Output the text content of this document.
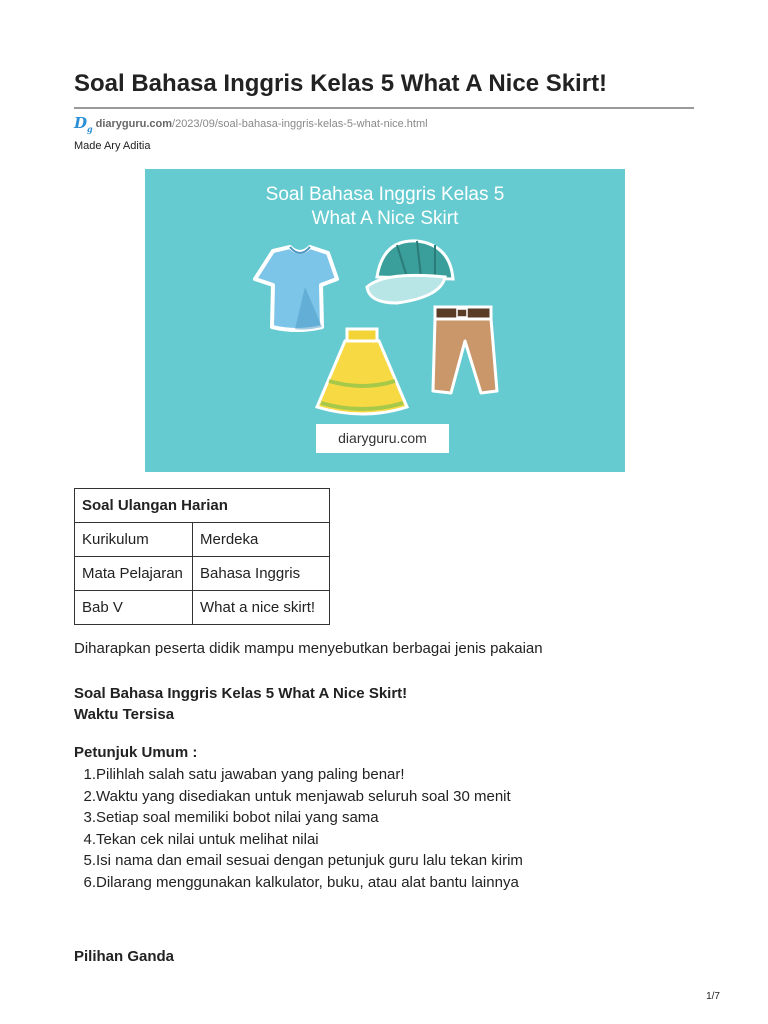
Soal Bahasa Inggris Kelas 5 What A Nice Skirt!
$D_g$ diaryguru.com /2023/09/soal-bahasa-inggris-kelas-5-what-nice.html
Made Ary Aditia
Soal Bahasa Inggris Kelas 5
What A Nice Skirt
diaryguru.com
Soal Ulangan Harian	
Kurikulum	Merdeka
Mata Pelajaran	Bahasa Inggris
Bab V	What a nice skirt!
Diharapkan peserta didik mampu menyebutkan berbagai jenis pakaian
Soal Bahasa Inggris Kelas 5 What A Nice Skirt!
Waktu Tersisa
Petunjuk Umum :
1.Pilihlah salah satu jawaban yang paling benar!
2.Waktu yang disediakan untuk menjawab seluruh soal 30 menit
3.Setiap soal memiliki bobot nilai yang sama
4.Tekan cek nilai untuk melihat nilai
5.Isi nama dan email sesuai dengan petunjuk guru lalu tekan kirim
6.Dilarang menggunakan kalkulator, buku, atau alat bantu lainnya
Pilihan Ganda
1/7
